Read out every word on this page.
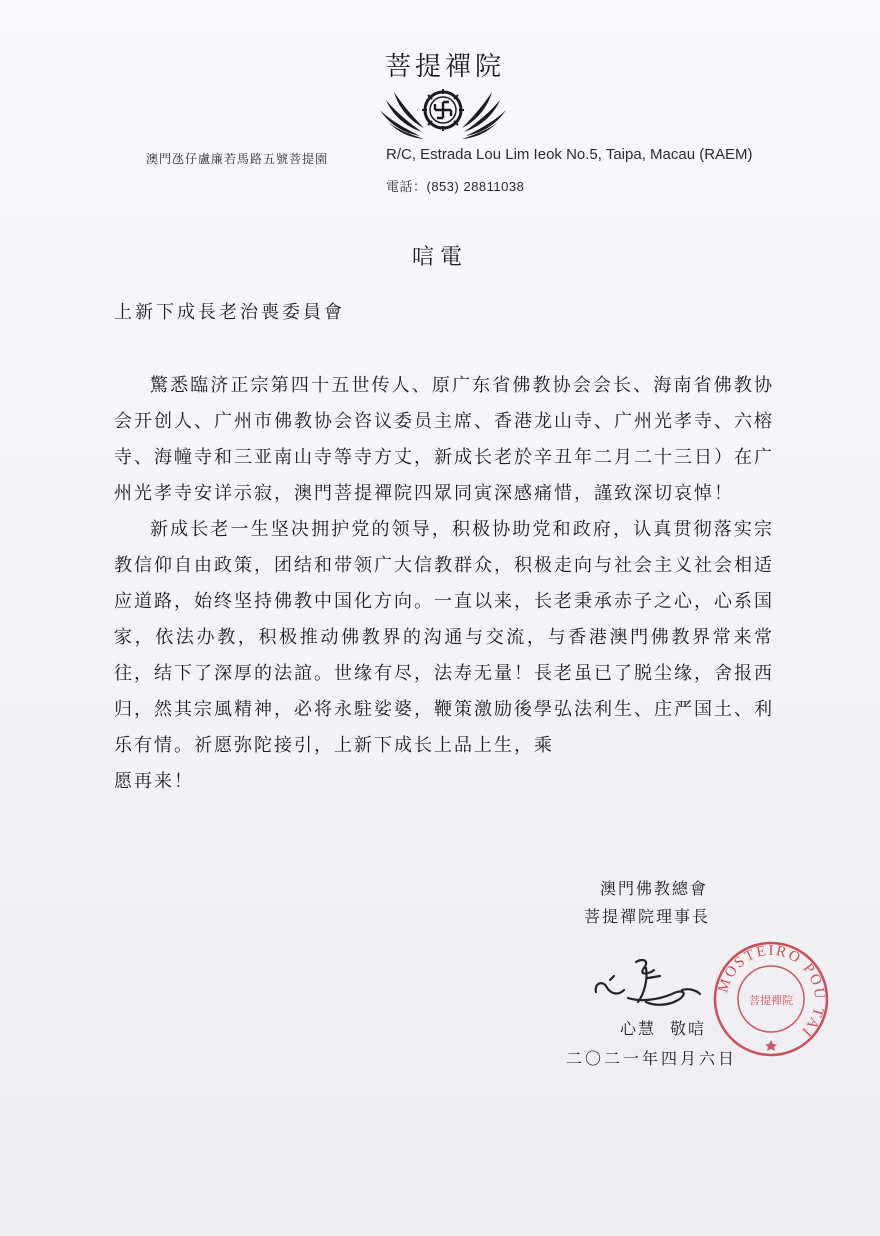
菩提禪院
澳門氹仔盧廉若馬路五號菩提園	R/C, Estrada Lou Lim Ieok No.5, Taipa, Macau (RAEM)
電話：(853) 28811038
唁電
上新下成長老治喪委員會

驚悉臨济正宗第四十五世传人、原广东省佛教协会会长、海南省佛教协会开创人、广州市佛教协会咨议委员主席、香港龙山寺、广州光孝寺、六榕寺、海幢寺和三亚南山寺等寺方丈，新成长老於辛丑年二月二十三日）在广州光孝寺安详示寂，澳門菩提禪院四眾同寅深感痛惜，謹致深切哀悼！

新成长老一生坚决拥护党的领导，积极协助党和政府，认真贯彻落实宗教信仰自由政策，团结和带领广大信教群众，积极走向与社会主义社会相适应道路，始终坚持佛教中国化方向。一直以来，长老秉承赤子之心，心系国家，依法办教，积极推动佛教界的沟通与交流，与香港澳門佛教界常来常往，结下了深厚的法誼。世缘有尽，法寿无量！長老虽已了脱尘缘，舍报西归，然其宗風精神，必将永駐娑婆，鞭策激励後學弘法利生、庄严国土、利乐有情。祈愿弥陀接引，上新下成长上品上生，乘

愿再来！

澳門佛教總會
菩提禪院理事長
MOSTEIRO POU TAI
菩提禪院
心慧 敬唁
二〇二一年四月六日
